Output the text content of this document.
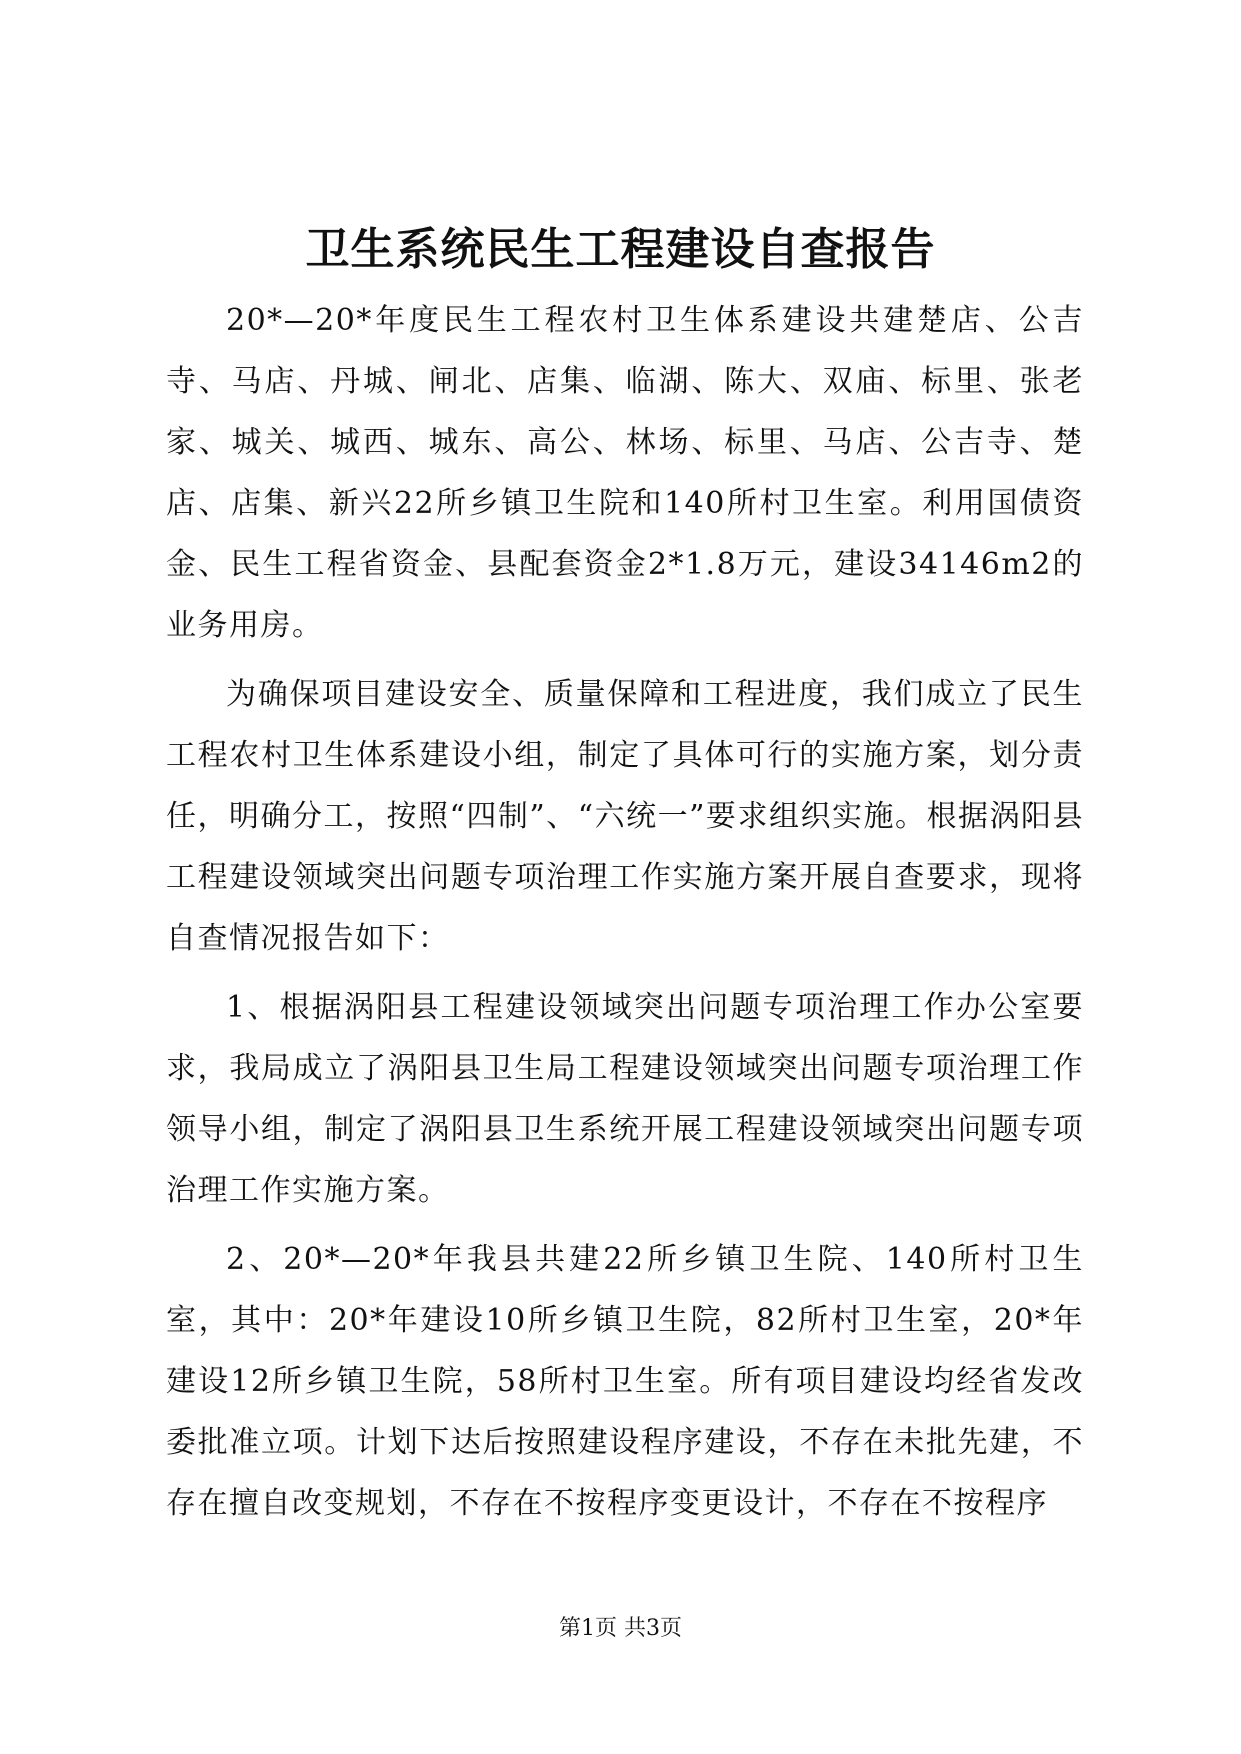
卫生系统民生工程建设自查报告

20*—20*年度民生工程农村卫生体系建设共建楚店、公吉寺、马店、丹城、闸北、店集、临湖、陈大、双庙、标里、张老家、城关、城西、城东、高公、林场、标里、马店、公吉寺、楚店、店集、新兴22所乡镇卫生院和140所村卫生室。利用国债资金、民生工程省资金、县配套资金2*1.8万元，建设34146m2的业务用房。

为确保项目建设安全、质量保障和工程进度，我们成立了民生工程农村卫生体系建设小组，制定了具体可行的实施方案，划分责任，明确分工，按照“四制”、“六统一”要求组织实施。根据涡阳县工程建设领域突出问题专项治理工作实施方案开展自查要求，现将自查情况报告如下：

1、根据涡阳县工程建设领域突出问题专项治理工作办公室要求，我局成立了涡阳县卫生局工程建设领域突出问题专项治理工作领导小组，制定了涡阳县卫生系统开展工程建设领域突出问题专项治理工作实施方案。

2、20*—20*年我县共建22所乡镇卫生院、140所村卫生室，其中：20*年建设10所乡镇卫生院，82所村卫生室，20*年建设12所乡镇卫生院，58所村卫生室。所有项目建设均经省发改委批准立项。计划下达后按照建设程序建设，不存在未批先建，不存在擅自改变规划，不存在不按程序变更设计，不存在不按程序

第1页 共3页
